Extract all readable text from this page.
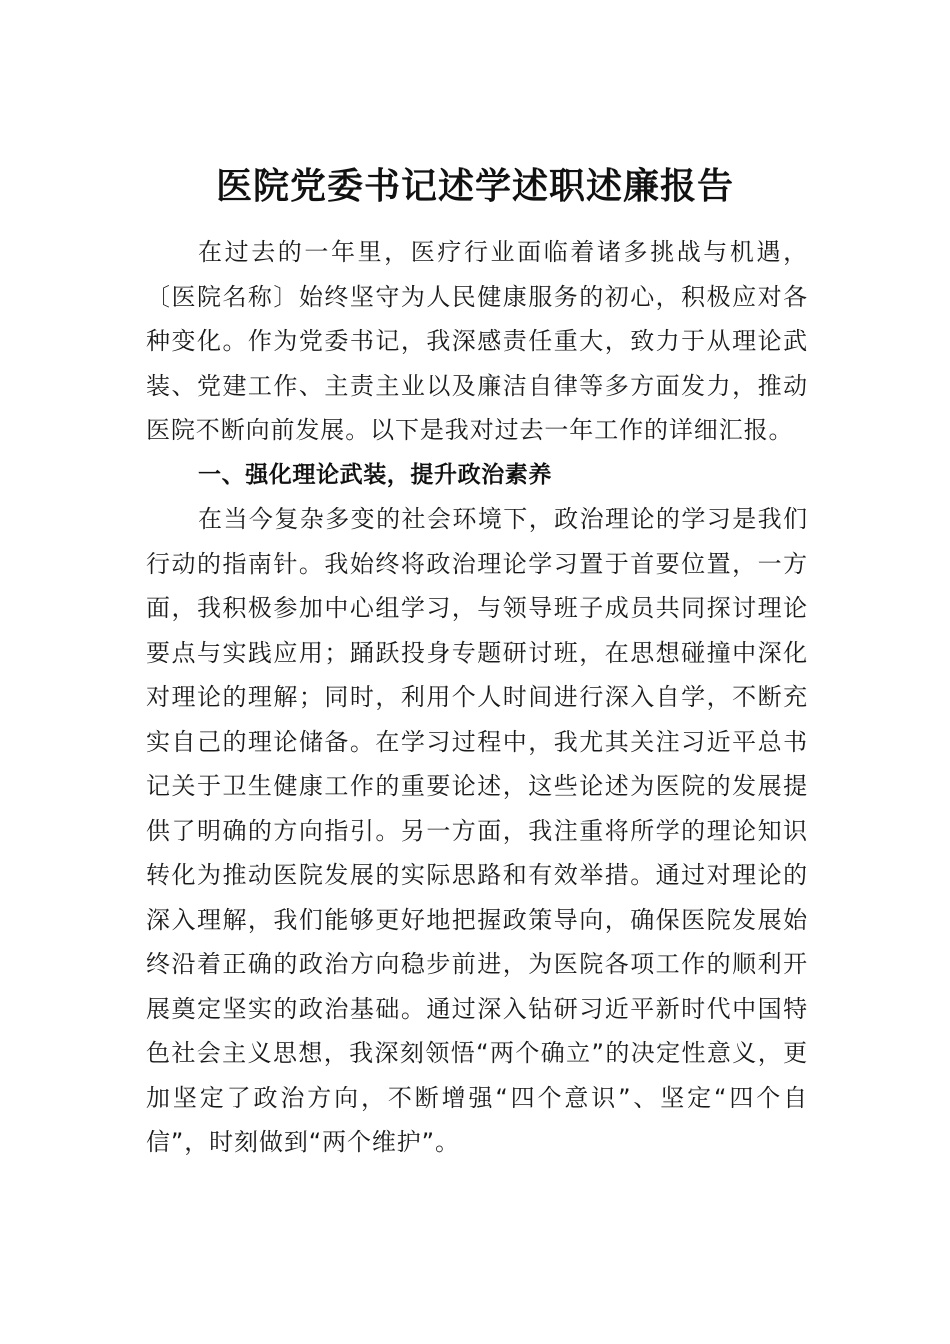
医院党委书记述学述职述廉报告

在过去的一年里，医疗行业面临着诸多挑战与机遇，〔医院名称〕始终坚守为人民健康服务的初心，积极应对各种变化。作为党委书记，我深感责任重大，致力于从理论武装、党建工作、主责主业以及廉洁自律等多方面发力，推动医院不断向前发展。以下是我对过去一年工作的详细汇报。

一、强化理论武装，提升政治素养

在当今复杂多变的社会环境下，政治理论的学习是我们行动的指南针。我始终将政治理论学习置于首要位置，一方面，我积极参加中心组学习，与领导班子成员共同探讨理论要点与实践应用；踊跃投身专题研讨班，在思想碰撞中深化对理论的理解；同时，利用个人时间进行深入自学，不断充实自己的理论储备。在学习过程中，我尤其关注习近平总书记关于卫生健康工作的重要论述，这些论述为医院的发展提供了明确的方向指引。另一方面，我注重将所学的理论知识转化为推动医院发展的实际思路和有效举措。通过对理论的深入理解，我们能够更好地把握政策导向，确保医院发展始终沿着正确的政治方向稳步前进，为医院各项工作的顺利开展奠定坚实的政治基础。通过深入钻研习近平新时代中国特色社会主义思想，我深刻领悟“两个确立”的决定性意义，更加坚定了政治方向，不断增强“四个意识”、坚定“四个自信”，时刻做到“两个维护”。
